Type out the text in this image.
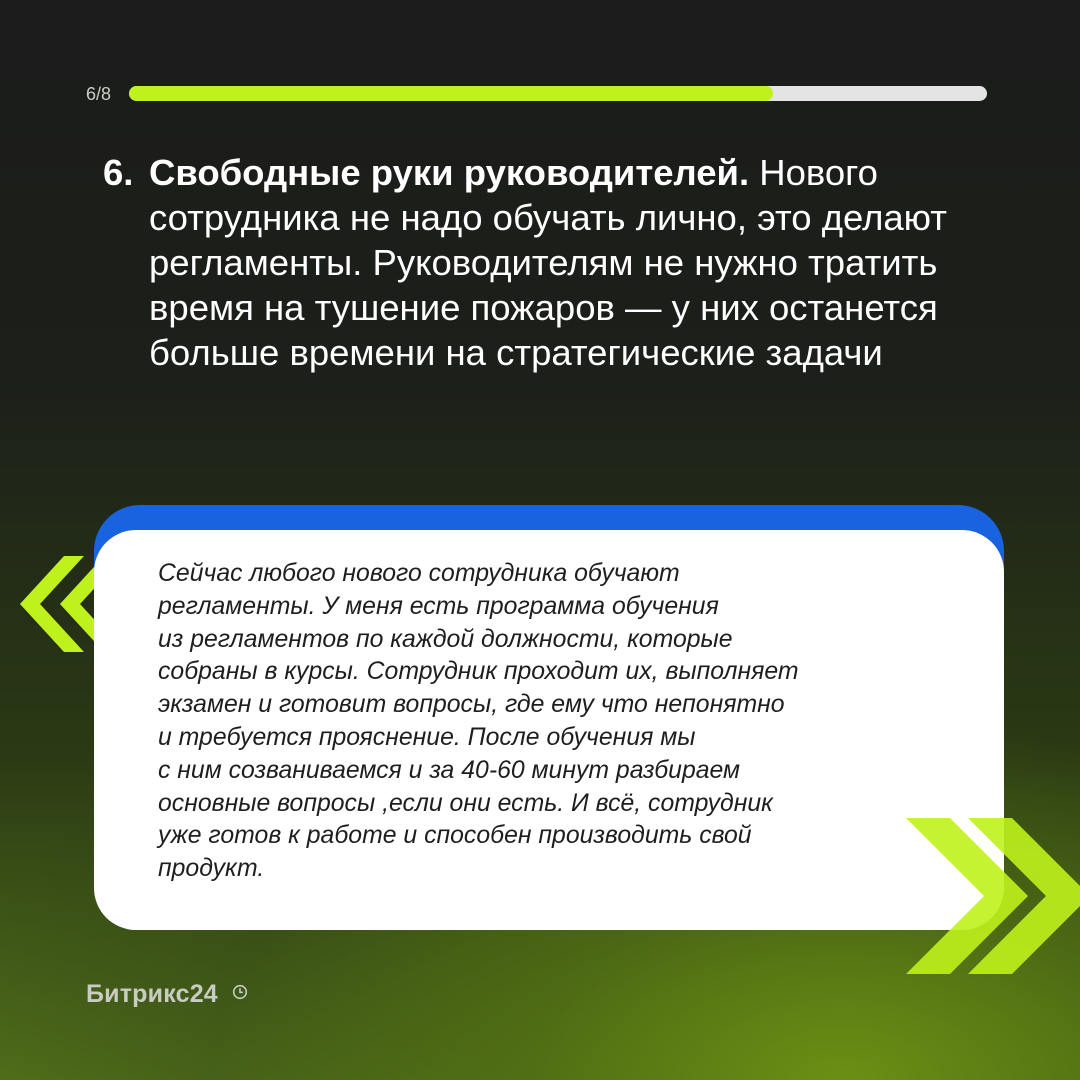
6/8
6. Свободные руки руководителей. Нового сотрудника не надо обучать лично, это делают регламенты. Руководителям не нужно тратить время на тушение пожаров — у них останется больше времени на стратегические задачи

Сейчас любого нового сотрудника обучают
регламенты. У меня есть программа обучения
из регламентов по каждой должности, которые
собраны в курсы. Сотрудник проходит их, выполняет
экзамен и готовит вопросы, где ему что непонятно
и требуется прояснение. После обучения мы
с ним созваниваемся и за 40-60 минут разбираем
основные вопросы ,если они есть. И всё, сотрудник
уже готов к работе и способен производить свой
продукт.

Битрикс24
